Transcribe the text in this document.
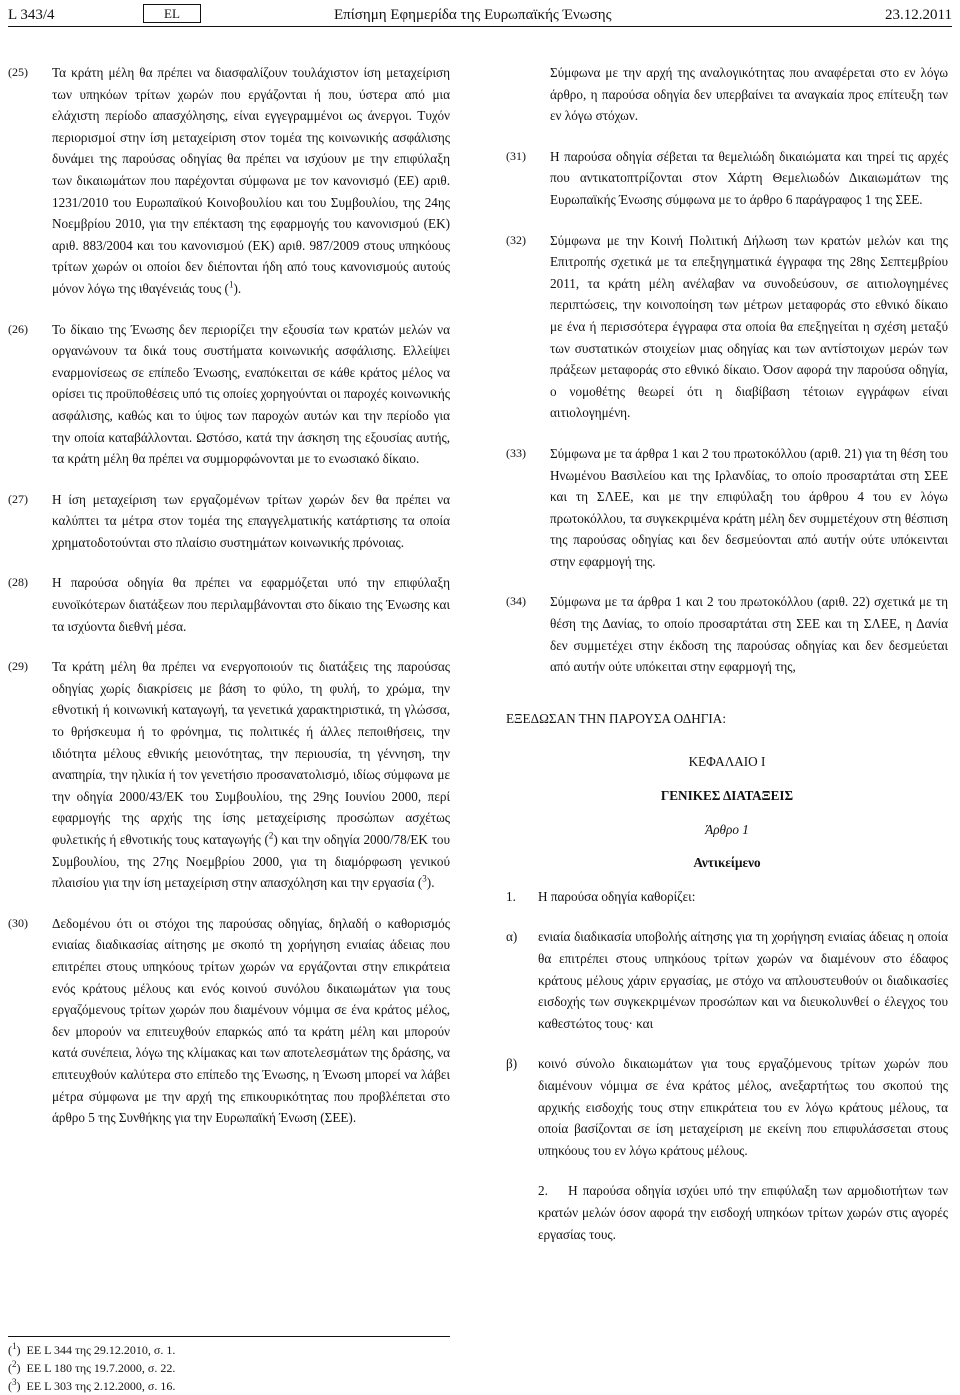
L 343/4	EL	Επίσημη Εφημερίδα της Ευρωπαϊκής Ένωσης	23.12.2011
(25) Τα κράτη μέλη θα πρέπει να διασφαλίζουν τουλάχιστον ίση μεταχείριση των υπηκόων τρίτων χωρών που εργάζονται ή που, ύστερα από μια ελάχιστη περίοδο απασχόλησης, είναι εγγεγραμμένοι ως άνεργοι. Τυχόν περιορισμοί στην ίση μεταχείριση στον τομέα της κοινωνικής ασφάλισης δυνάμει της παρούσας οδηγίας θα πρέπει να ισχύουν με την επιφύλαξη των δικαιωμάτων που παρέχονται σύμφωνα με τον κανονισμό (ΕΕ) αριθ. 1231/2010 του Ευρωπαϊκού Κοινοβουλίου και του Συμβουλίου, της 24ης Νοεμβρίου 2010, για την επέκταση της εφαρμογής του κανονισμού (ΕΚ) αριθ. 883/2004 και του κανονισμού (ΕΚ) αριθ. 987/2009 στους υπηκόους τρίτων χωρών οι οποίοι δεν διέπονται ήδη από τους κανονισμούς αυτούς μόνον λόγω της ιθαγένειάς τους ($^1$).

(26) Το δίκαιο της Ένωσης δεν περιορίζει την εξουσία των κρατών μελών να οργανώνουν τα δικά τους συστήματα κοινωνικής ασφάλισης. Ελλείψει εναρμονίσεως σε επίπεδο Ένωσης, εναπόκειται σε κάθε κράτος μέλος να ορίσει τις προϋποθέσεις υπό τις οποίες χορηγούνται οι παροχές κοινωνικής ασφάλισης, καθώς και το ύψος των παροχών αυτών και την περίοδο για την οποία καταβάλλονται. Ωστόσο, κατά την άσκηση της εξουσίας αυτής, τα κράτη μέλη θα πρέπει να συμμορφώνονται με το ενωσιακό δίκαιο.

(27) Η ίση μεταχείριση των εργαζομένων τρίτων χωρών δεν θα πρέπει να καλύπτει τα μέτρα στον τομέα της επαγγελματικής κατάρτισης τα οποία χρηματοδοτούνται στο πλαίσιο συστημάτων κοινωνικής πρόνοιας.

(28) Η παρούσα οδηγία θα πρέπει να εφαρμόζεται υπό την επιφύλαξη ευνοϊκότερων διατάξεων που περιλαμβάνονται στο δίκαιο της Ένωσης και τα ισχύοντα διεθνή μέσα.

(29) Τα κράτη μέλη θα πρέπει να ενεργοποιούν τις διατάξεις της παρούσας οδηγίας χωρίς διακρίσεις με βάση το φύλο, τη φυλή, το χρώμα, την εθνοτική ή κοινωνική καταγωγή, τα γενετικά χαρακτηριστικά, τη γλώσσα, το θρήσκευμα ή το φρόνημα, τις πολιτικές ή άλλες πεποιθήσεις, την ιδιότητα μέλους εθνικής μειονότητας, την περιουσία, τη γέννηση, την αναπηρία, την ηλικία ή τον γενετήσιο προσανατολισμό, ιδίως σύμφωνα με την οδηγία 2000/43/ΕΚ του Συμβουλίου, της 29ης Ιουνίου 2000, περί εφαρμογής της αρχής της ίσης μεταχείρισης προσώπων ασχέτως φυλετικής ή εθνοτικής τους καταγωγής ($^2$) και την οδηγία 2000/78/ΕΚ του Συμβουλίου, της 27ης Νοεμβρίου 2000, για τη διαμόρφωση γενικού πλαισίου για την ίση μεταχείριση στην απασχόληση και την εργασία ($^3$).

(30) Δεδομένου ότι οι στόχοι της παρούσας οδηγίας, δηλαδή ο καθορισμός ενιαίας διαδικασίας αίτησης με σκοπό τη χορήγηση ενιαίας άδειας που επιτρέπει στους υπηκόους τρίτων χωρών να εργάζονται στην επικράτεια ενός κράτους μέλους και ενός κοινού συνόλου δικαιωμάτων για τους εργαζόμενους τρίτων χωρών που διαμένουν νόμιμα σε ένα κράτος μέλος, δεν μπορούν να επιτευχθούν επαρκώς από τα κράτη μέλη και μπορούν κατά συνέπεια, λόγω της κλίμακας και των αποτελεσμάτων της δράσης, να επιτευχθούν καλύτερα στο επίπεδο της Ένωσης, η Ένωση μπορεί να λάβει μέτρα σύμφωνα με την αρχή της επικουρικότητας που προβλέπεται στο άρθρο 5 της Συνθήκης για την Ευρωπαϊκή Ένωση (ΣΕΕ).

Σύμφωνα με την αρχή της αναλογικότητας που αναφέρεται στο εν λόγω άρθρο, η παρούσα οδηγία δεν υπερβαίνει τα αναγκαία προς επίτευξη των εν λόγω στόχων.

(31) Η παρούσα οδηγία σέβεται τα θεμελιώδη δικαιώματα και τηρεί τις αρχές που αντικατοπτρίζονται στον Χάρτη Θεμελιωδών Δικαιωμάτων της Ευρωπαϊκής Ένωσης σύμφωνα με το άρθρο 6 παράγραφος 1 της ΣΕΕ.

(32) Σύμφωνα με την Κοινή Πολιτική Δήλωση των κρατών μελών και της Επιτροπής σχετικά με τα επεξηγηματικά έγγραφα της 28ης Σεπτεμβρίου 2011, τα κράτη μέλη ανέλαβαν να συνοδεύσουν, σε αιτιολογημένες περιπτώσεις, την κοινοποίηση των μέτρων μεταφοράς στο εθνικό δίκαιο με ένα ή περισσότερα έγγραφα στα οποία θα επεξηγείται η σχέση μεταξύ των συστατικών στοιχείων μιας οδηγίας και των αντίστοιχων μερών των πράξεων μεταφοράς στο εθνικό δίκαιο. Όσον αφορά την παρούσα οδηγία, ο νομοθέτης θεωρεί ότι η διαβίβαση τέτοιων εγγράφων είναι αιτιολογημένη.

(33) Σύμφωνα με τα άρθρα 1 και 2 του πρωτοκόλλου (αριθ. 21) για τη θέση του Ηνωμένου Βασιλείου και της Ιρλανδίας, το οποίο προσαρτάται στη ΣΕΕ και τη ΣΛΕΕ, και με την επιφύλαξη του άρθρου 4 του εν λόγω πρωτοκόλλου, τα συγκεκριμένα κράτη μέλη δεν συμμετέχουν στη θέσπιση της παρούσας οδηγίας και δεν δεσμεύονται από αυτήν ούτε υπόκεινται στην εφαρμογή της.

(34) Σύμφωνα με τα άρθρα 1 και 2 του πρωτοκόλλου (αριθ. 22) σχετικά με τη θέση της Δανίας, το οποίο προσαρτάται στη ΣΕΕ και τη ΣΛΕΕ, η Δανία δεν συμμετέχει στην έκδοση της παρούσας οδηγίας και δεν δεσμεύεται από αυτήν ούτε υπόκειται στην εφαρμογή της,

ΕΞΕΔΩΣΑΝ ΤΗΝ ΠΑΡΟΥΣΑ ΟΔΗΓΙΑ:

ΚΕΦΑΛΑΙΟ I

ΓΕΝΙΚΕΣ ΔΙΑΤΑΞΕΙΣ

Άρθρο 1

Αντικείμενο

1. Η παρούσα οδηγία καθορίζει:

α) ενιαία διαδικασία υποβολής αίτησης για τη χορήγηση ενιαίας άδειας η οποία θα επιτρέπει στους υπηκόους τρίτων χωρών να διαμένουν στο έδαφος κράτους μέλους χάριν εργασίας, με στόχο να απλουστευθούν οι διαδικασίες εισδοχής των συγκεκριμένων προσώπων και να διευκολυνθεί ο έλεγχος του καθεστώτος τους· και

β) κοινό σύνολο δικαιωμάτων για τους εργαζόμενους τρίτων χωρών που διαμένουν νόμιμα σε ένα κράτος μέλος, ανεξαρτήτως του σκοπού της αρχικής εισδοχής τους στην επικράτεια του εν λόγω κράτους μέλους, τα οποία βασίζονται σε ίση μεταχείριση με εκείνη που επιφυλάσσεται στους υπηκόους του εν λόγω κράτους μέλους.

2. Η παρούσα οδηγία ισχύει υπό την επιφύλαξη των αρμοδιοτήτων των κρατών μελών όσον αφορά την εισδοχή υπηκόων τρίτων χωρών στις αγορές εργασίας τους.

($^1$)  ΕΕ L 344 της 29.12.2010, σ. 1.
($^2$)  ΕΕ L 180 της 19.7.2000, σ. 22.
($^3$)  ΕΕ L 303 της 2.12.2000, σ. 16.
